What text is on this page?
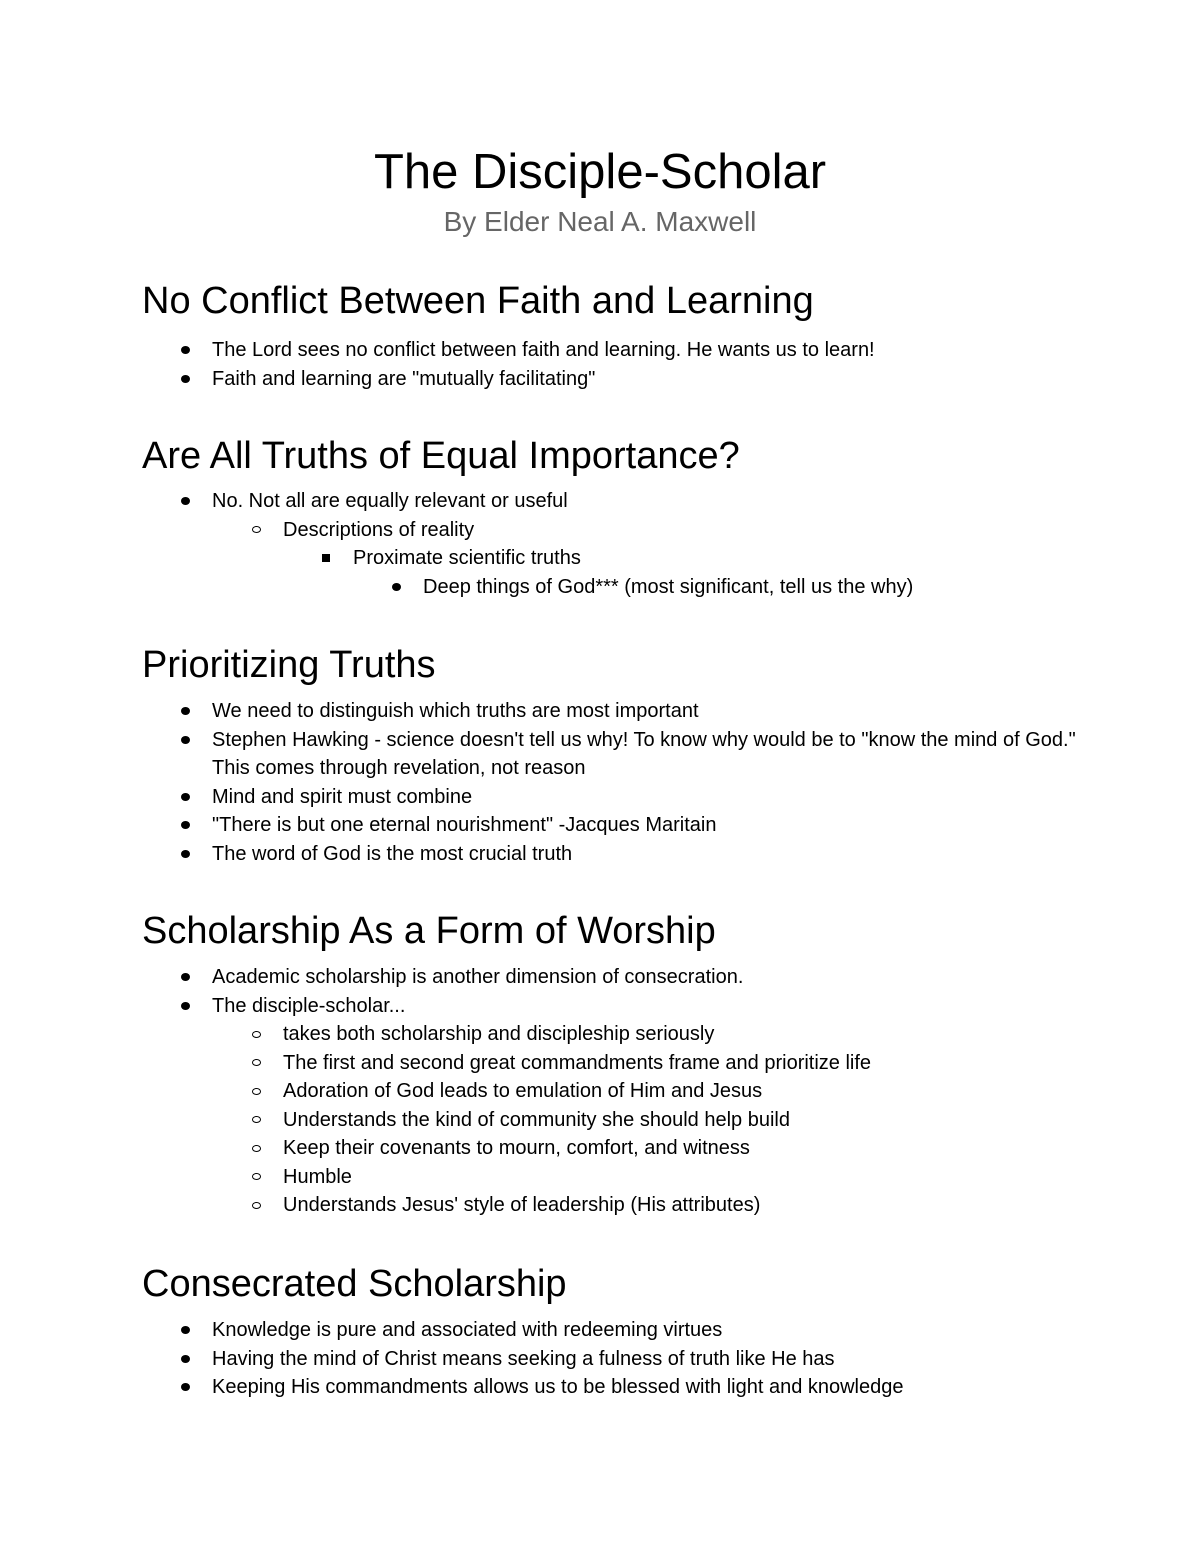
The Disciple-Scholar
By Elder Neal A. Maxwell
No Conflict Between Faith and Learning
The Lord sees no conflict between faith and learning. He wants us to learn!
Faith and learning are "mutually facilitating"
Are All Truths of Equal Importance?
No. Not all are equally relevant or useful
Descriptions of reality
Proximate scientific truths
Deep things of God*** (most significant, tell us the why)
Prioritizing Truths
We need to distinguish which truths are most important
Stephen Hawking - science doesn't tell us why! To know why would be to "know the mind of God." This comes through revelation, not reason
Mind and spirit must combine
"There is but one eternal nourishment" -Jacques Maritain
The word of God is the most crucial truth
Scholarship As a Form of Worship
Academic scholarship is another dimension of consecration.
The disciple-scholar...
takes both scholarship and discipleship seriously
The first and second great commandments frame and prioritize life
Adoration of God leads to emulation of Him and Jesus
Understands the kind of community she should help build
Keep their covenants to mourn, comfort, and witness
Humble
Understands Jesus' style of leadership (His attributes)
Consecrated Scholarship
Knowledge is pure and associated with redeeming virtues
Having the mind of Christ means seeking a fulness of truth like He has
Keeping His commandments allows us to be blessed with light and knowledge
